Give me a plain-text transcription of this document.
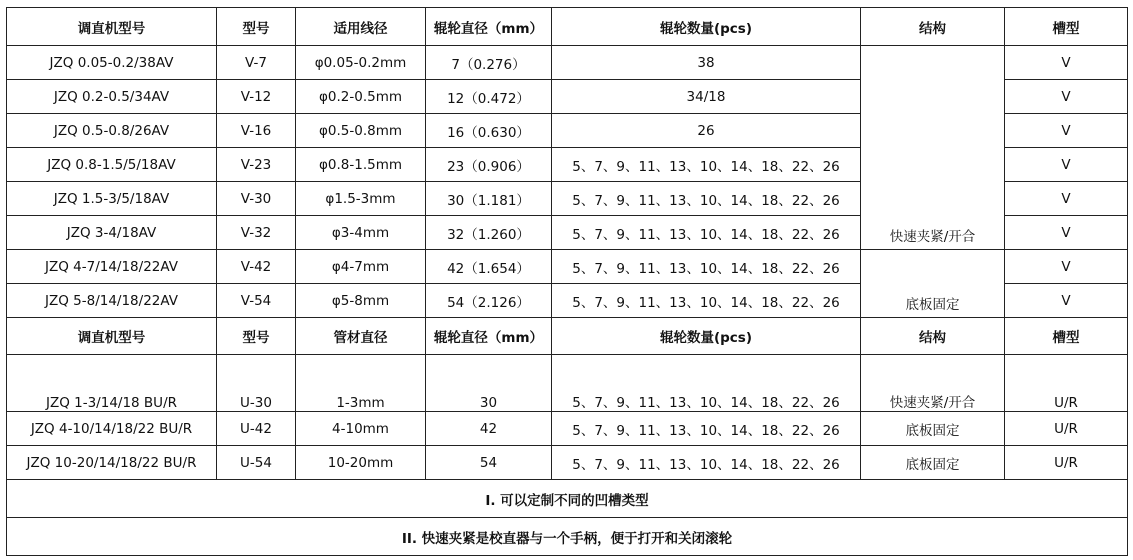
调直机型号	型号	适用线径	辊轮直径（mm）	辊轮数量(pcs)	结构	槽型
JZQ 0.05-0.2/38AV	V-7	φ0.05-0.2mm	7（0.276）	38	快速夹紧/开合	V
JZQ 0.2-0.5/34AV	V-12	φ0.2-0.5mm	12（0.472）	34/18		V
JZQ 0.5-0.8/26AV	V-16	φ0.5-0.8mm	16（0.630）	26		V
JZQ 0.8-1.5/5/18AV	V-23	φ0.8-1.5mm	23（0.906）	5、7、9、11、13、10、14、18、22、26		V
JZQ 1.5-3/5/18AV	V-30	φ1.5-3mm	30（1.181）	5、7、9、11、13、10、14、18、22、26		V
JZQ 3-4/18AV	V-32	φ3-4mm	32（1.260）	5、7、9、11、13、10、14、18、22、26		V
JZQ 4-7/14/18/22AV	V-42	φ4-7mm	42（1.654）	5、7、9、11、13、10、14、18、22、26	底板固定	V
JZQ 5-8/14/18/22AV	V-54	φ5-8mm	54（2.126）	5、7、9、11、13、10、14、18、22、26		V
调直机型号	型号	管材直径	辊轮直径（mm）	辊轮数量(pcs)	结构	槽型
JZQ 1-3/14/18 BU/R	U-30	1-3mm	30	5、7、9、11、13、10、14、18、22、26	快速夹紧/开合	U/R
JZQ 4-10/14/18/22 BU/R	U-42	4-10mm	42	5、7、9、11、13、10、14、18、22、26	底板固定	U/R
JZQ 10-20/14/18/22 BU/R	U-54	10-20mm	54	5、7、9、11、13、10、14、18、22、26	底板固定	U/R
I. 可以定制不同的凹槽类型						
II. 快速夹紧是校直器与一个手柄，便于打开和关闭滚轮						
